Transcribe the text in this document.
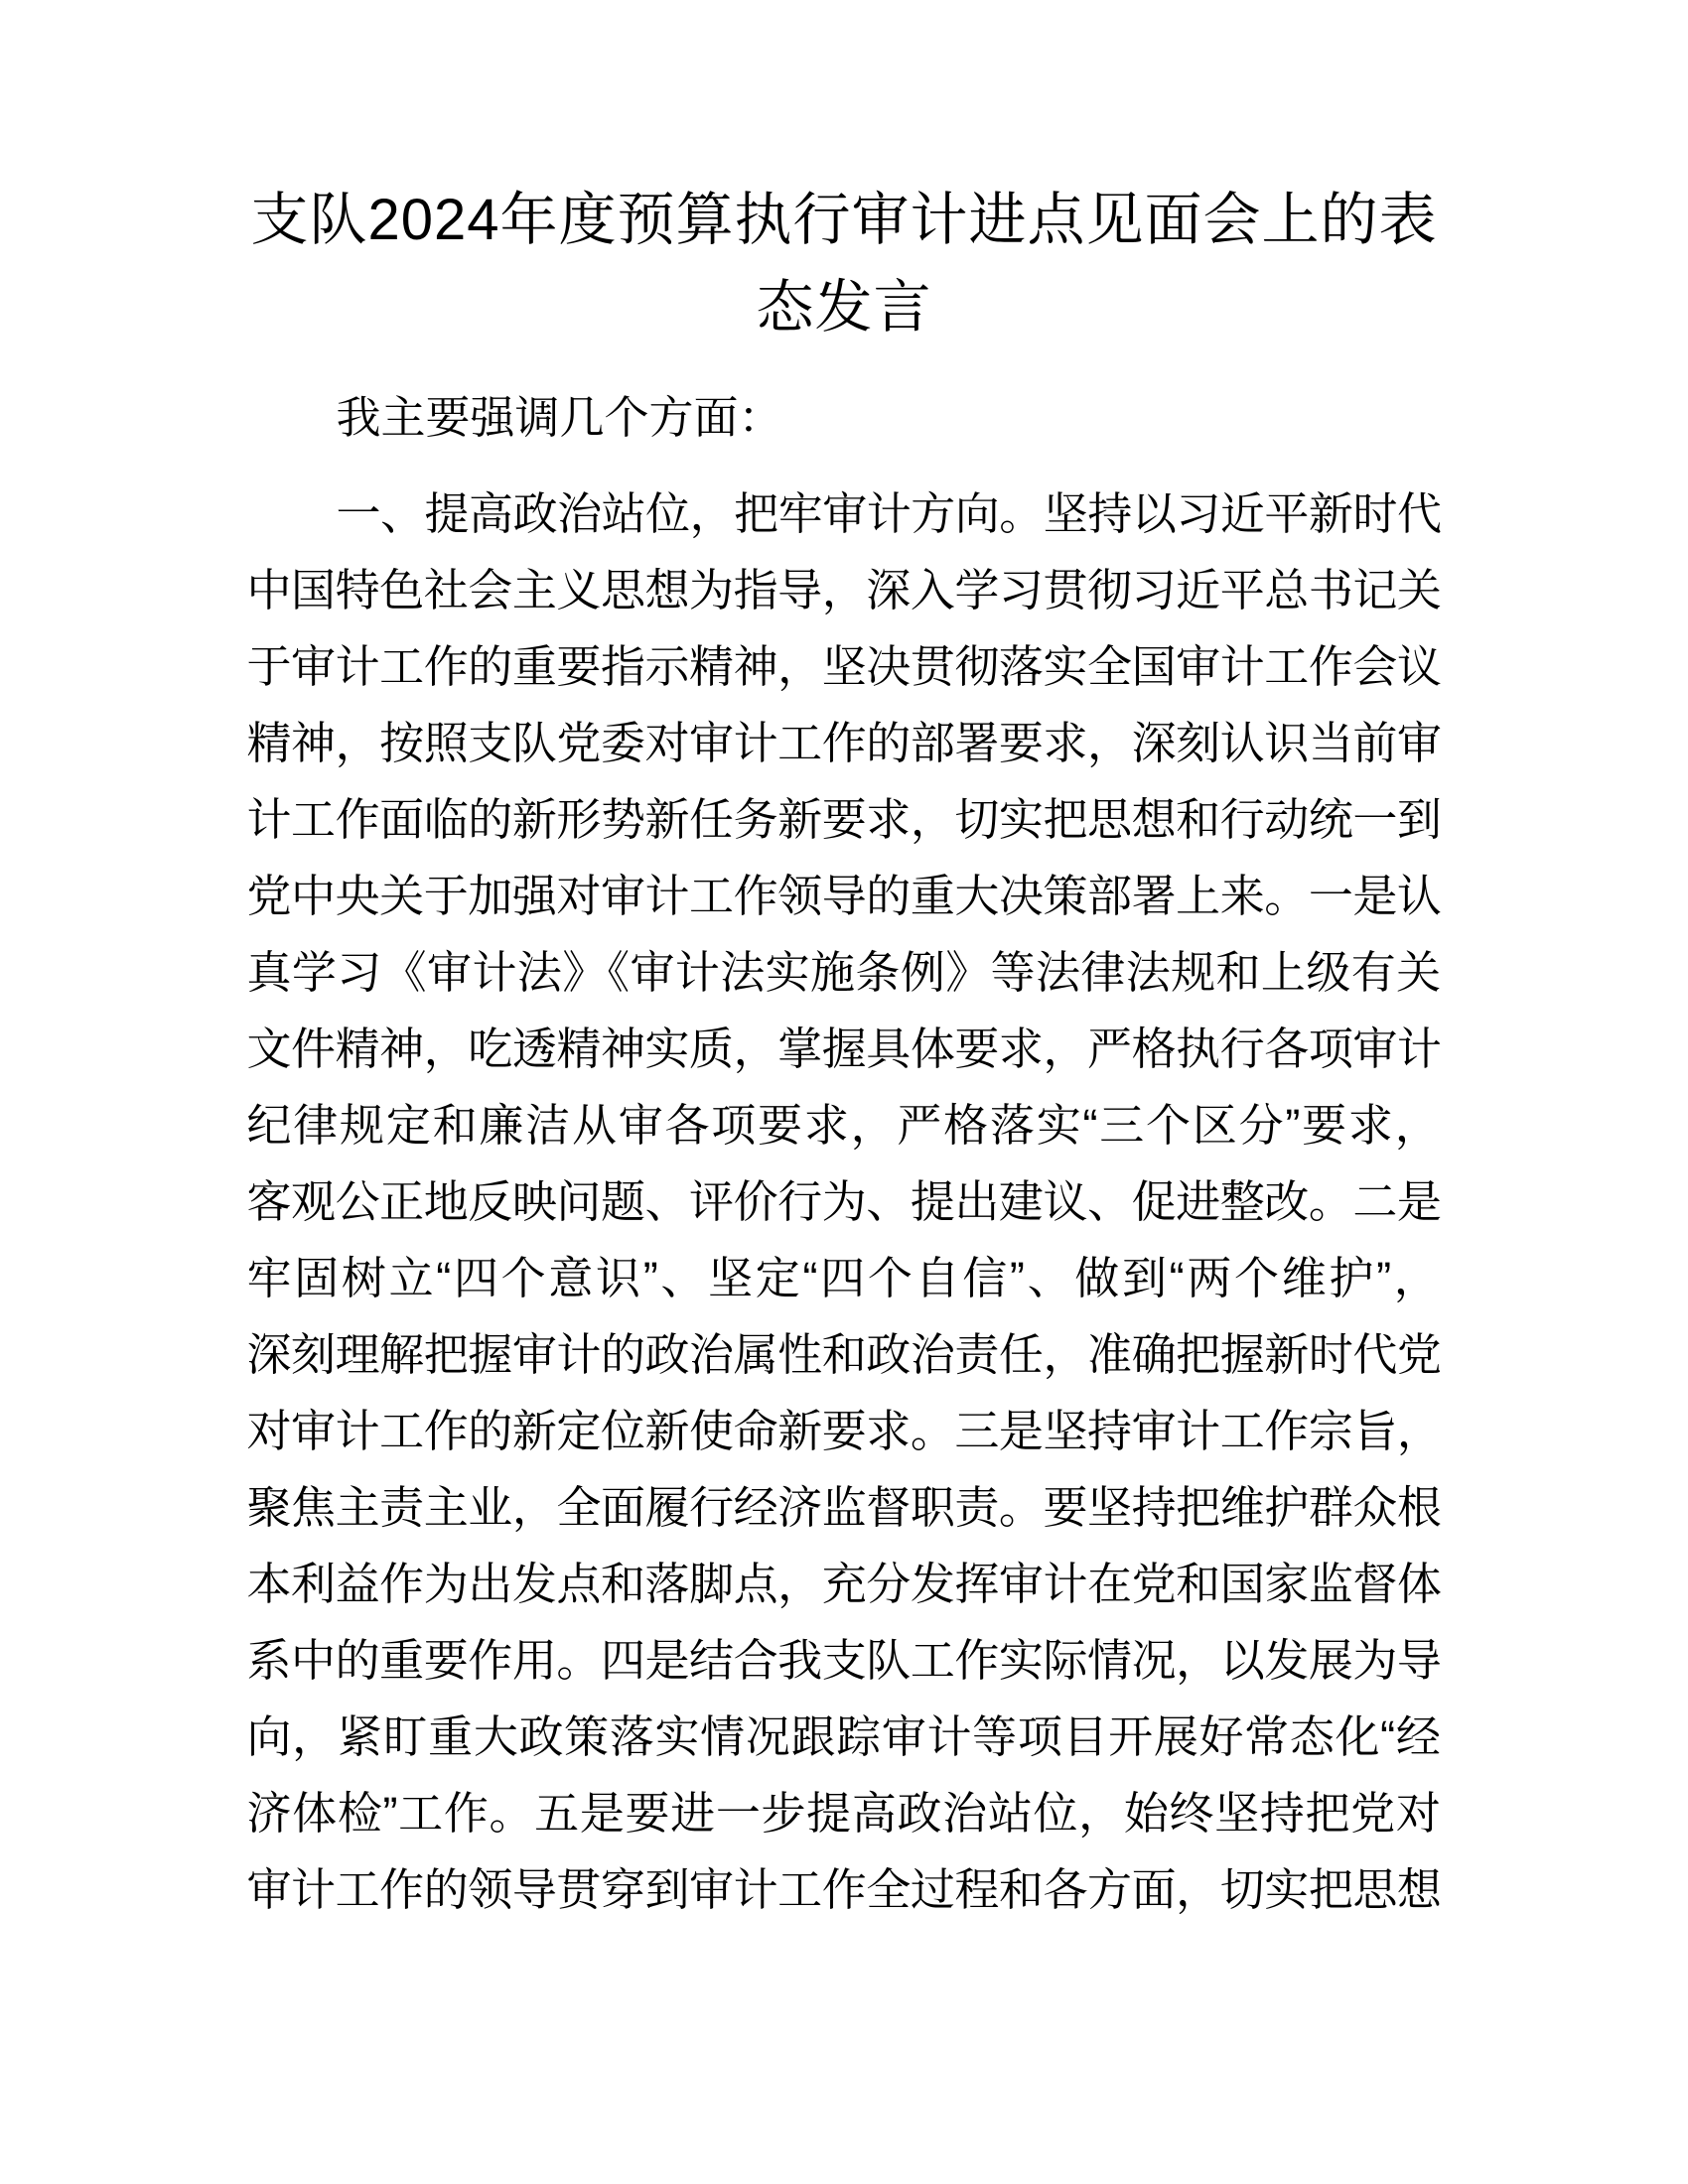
支队2024年度预算执行审计进点见面会上的表
态发言

我主要强调几个方面：

一、提高政治站位，把牢审计方向。坚持以习近平新时代
中国特色社会主义思想为指导，深入学习贯彻习近平总书记关
于审计工作的重要指示精神，坚决贯彻落实全国审计工作会议
精神，按照支队党委对审计工作的部署要求，深刻认识当前审
计工作面临的新形势新任务新要求，切实把思想和行动统一到
党中央关于加强对审计工作领导的重大决策部署上来。一是认
真学习《审计法》《审计法实施条例》等法律法规和上级有关
文件精神，吃透精神实质，掌握具体要求，严格执行各项审计
纪律规定和廉洁从审各项要求，严格落实“三个区分”要求，
客观公正地反映问题、评价行为、提出建议、促进整改。二是
牢固树立“四个意识”、坚定“四个自信”、做到“两个维护”，
深刻理解把握审计的政治属性和政治责任，准确把握新时代党
对审计工作的新定位新使命新要求。三是坚持审计工作宗旨，
聚焦主责主业，全面履行经济监督职责。要坚持把维护群众根
本利益作为出发点和落脚点，充分发挥审计在党和国家监督体
系中的重要作用。四是结合我支队工作实际情况，以发展为导
向，紧盯重大政策落实情况跟踪审计等项目开展好常态化“经
济体检”工作。五是要进一步提高政治站位，始终坚持把党对
审计工作的领导贯穿到审计工作全过程和各方面，切实把思想
